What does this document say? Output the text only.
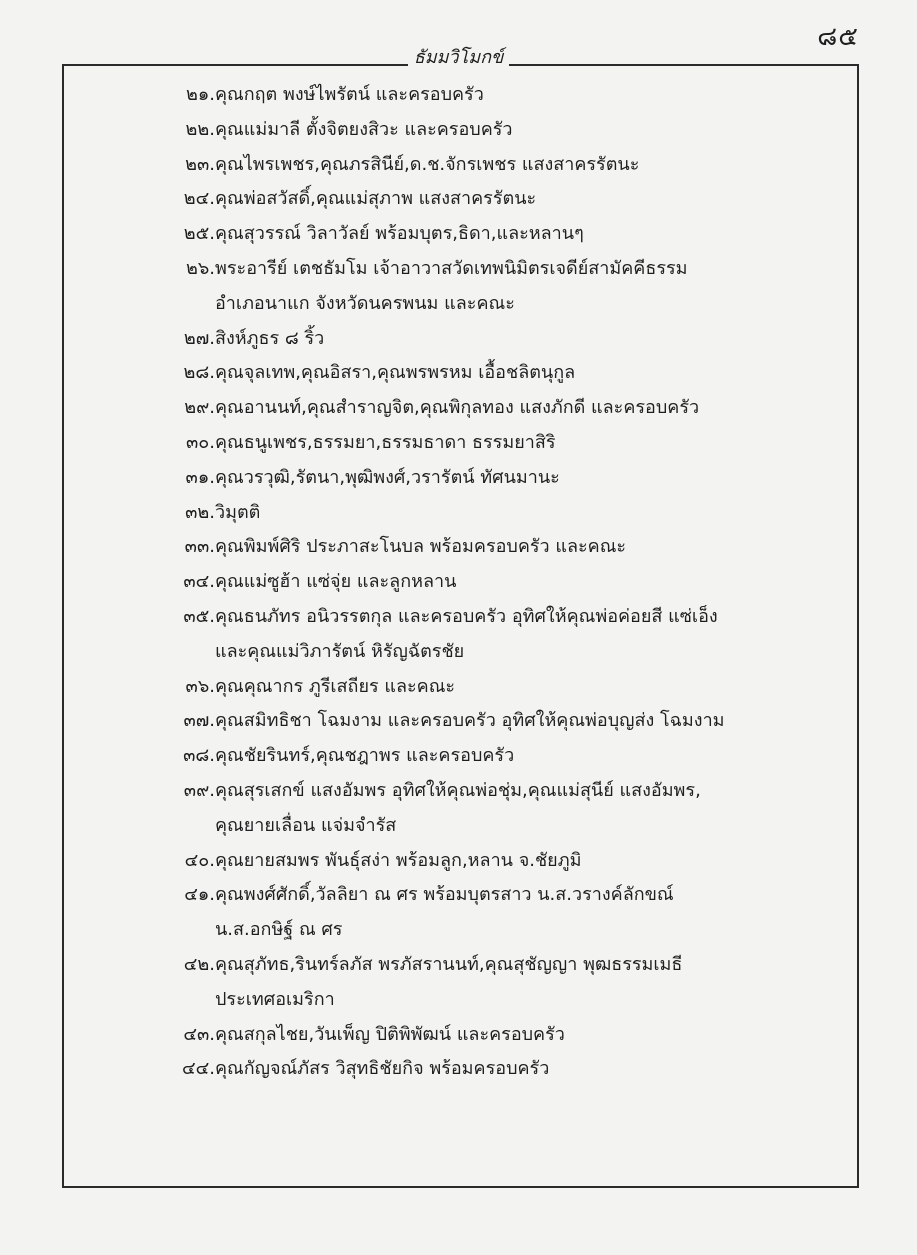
๘๕
ธัมมวิโมกข์
๒๑. คุณกฤต พงษ์ไพรัตน์ และครอบครัว
๒๒. คุณแม่มาลี ตั้งจิตยงสิวะ และครอบครัว
๒๓. คุณไพรเพชร,คุณภรสินีย์,ด.ช.จักรเพชร แสงสาครรัตนะ
๒๔. คุณพ่อสวัสดิ์,คุณแม่สุภาพ แสงสาครรัตนะ
๒๕. คุณสุวรรณ์ วิลาวัลย์ พร้อมบุตร,ธิดา,และหลานๆ
๒๖. พระอารีย์ เตชธัมโม เจ้าอาวาสวัดเทพนิมิตรเจดีย์สามัคคีธรรม
อำเภอนาแก จังหวัดนครพนม และคณะ
๒๗. สิงห์ภูธร ๘ ริ้ว
๒๘. คุณจุลเทพ,คุณอิสรา,คุณพรพรหม เอื้อชลิตนุกูล
๒๙. คุณอานนท์,คุณสำราญจิต,คุณพิกุลทอง แสงภักดี และครอบครัว
๓๐. คุณธนูเพชร,ธรรมยา,ธรรมธาดา ธรรมยาสิริ
๓๑. คุณวรวุฒิ,รัตนา,พุฒิพงศ์,วรารัตน์ ทัศนมานะ
๓๒. วิมุตติ
๓๓. คุณพิมพ์ศิริ ประภาสะโนบล พร้อมครอบครัว และคณะ
๓๔. คุณแม่ซูฮ้า แซ่จุ่ย และลูกหลาน
๓๕. คุณธนภัทร อนิวรรตกุล และครอบครัว อุทิศให้คุณพ่อค่อยสี แซ่เอ็ง
และคุณแม่วิภารัตน์ หิรัญฉัตรชัย
๓๖. คุณคุณากร ภูรีเสถียร และคณะ
๓๗. คุณสมิทธิชา โฉมงาม และครอบครัว อุทิศให้คุณพ่อบุญส่ง โฉมงาม
๓๘. คุณชัยรินทร์,คุณชฎาพร และครอบครัว
๓๙. คุณสุรเสกข์ แสงอัมพร อุทิศให้คุณพ่อชุ่ม,คุณแม่สุนีย์ แสงอัมพร,
คุณยายเลื่อน แจ่มจำรัส
๔๐. คุณยายสมพร พันธุ์สง่า พร้อมลูก,หลาน จ.ชัยภูมิ
๔๑. คุณพงศ์ศักดิ์,วัลลิยา ณ ศร พร้อมบุตรสาว น.ส.วรางค์ลักขณ์
น.ส.อกษิฐ์ ณ ศร
๔๒. คุณสุภัทธ,รินทร์ลภัส พรภัสรานนท์,คุณสุชัญญา พุฒธรรมเมธี
ประเทศอเมริกา
๔๓. คุณสกุลไชย,วันเพ็ญ ปิติพิพัฒน์ และครอบครัว
๔๔. คุณกัญจณ์ภัสร วิสุทธิชัยกิจ พร้อมครอบครัว
